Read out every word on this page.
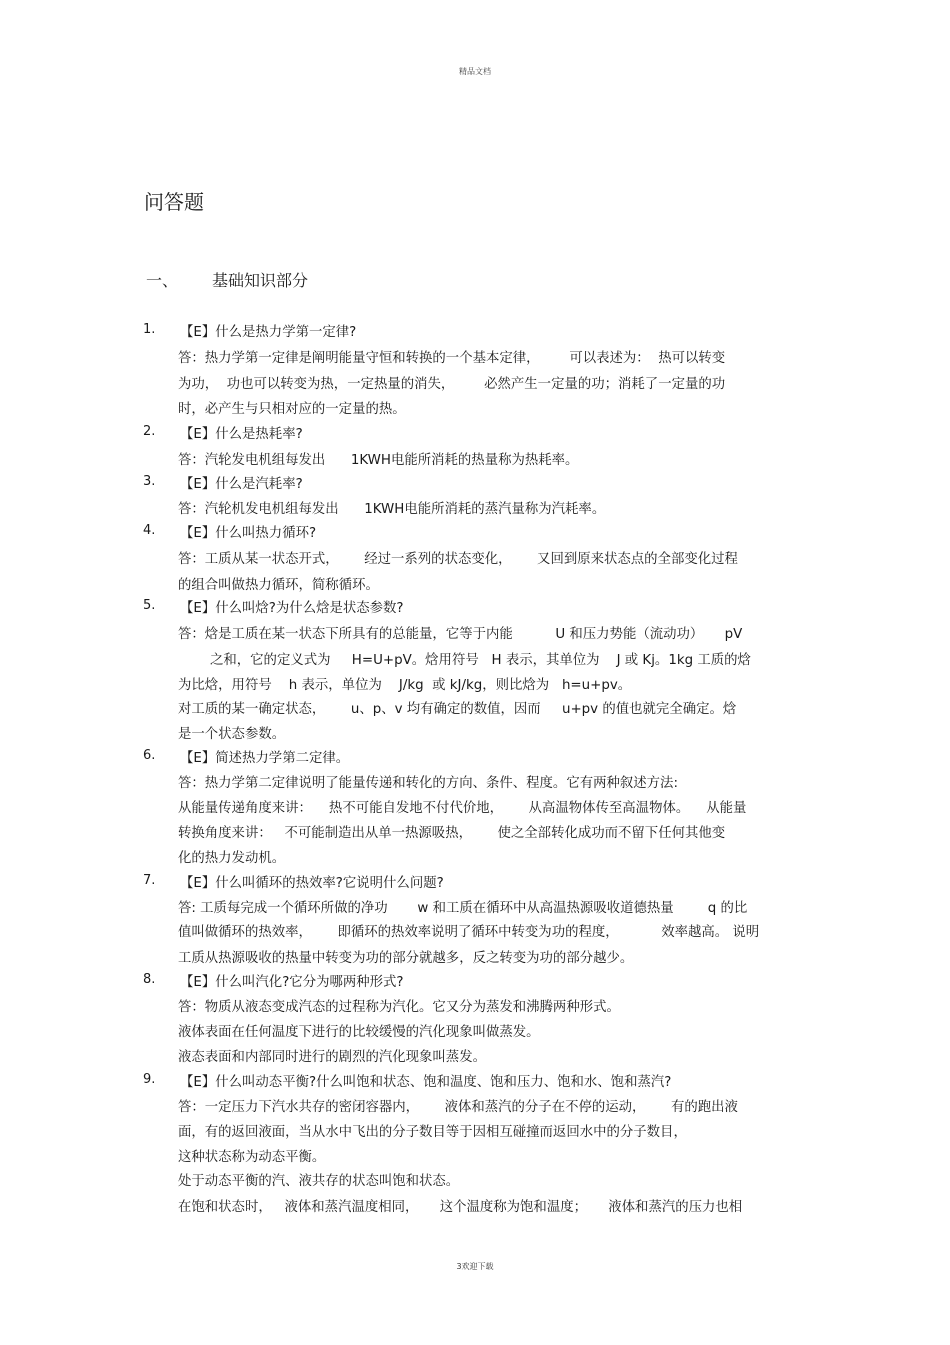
精品文档
问答题
一、 基础知识部分
1. 【E】什么是热力学第一定律?
答：热力学第一定律是阐明能量守恒和转换的一个基本定律，       可以表述为：  热可以转变
为功，  功也可以转变为热，一定热量的消失，       必然产生一定量的功；消耗了一定量的功
时，必产生与只相对应的一定量的热。
2. 【E】什么是热耗率?
答：汽轮发电机组每发出      1KWH电能所消耗的热量称为热耗率。
3. 【E】什么是汽耗率?
答：汽轮机发电机组每发出      1KWH电能所消耗的蒸汽量称为汽耗率。
4. 【E】什么叫热力循环?
答：工质从某一状态开式，      经过一系列的状态变化，      又回到原来状态点的全部变化过程
的组合叫做热力循环，简称循环。
5. 【E】什么叫焓?为什么焓是状态参数?
答：焓是工质在某一状态下所具有的总能量，它等于内能          U 和压力势能（流动功）     pV
之和，它的定义式为     H=U+pV。焓用符号   H 表示，其单位为    J 或 Kj。1kg 工质的焓
为比焓，用符号    h 表示，单位为    J/kg  或 kJ/kg，则比焓为   h=u+pv。
对工质的某一确定状态，      u、p、v 均有确定的数值，因而     u+pv 的值也就完全确定。焓
是一个状态参数。
6. 【E】简述热力学第二定律。
答：热力学第二定律说明了能量传递和转化的方向、条件、程度。它有两种叙述方法:
从能量传递角度来讲：    热不可能自发地不付代价地，      从高温物体传至高温物体。    从能量
转换角度来讲：   不可能制造出从单一热源吸热，      使之全部转化成功而不留下任何其他变
化的热力发动机。
7. 【E】什么叫循环的热效率?它说明什么问题?
答: 工质每完成一个循环所做的净功       w 和工质在循环中从高温热源吸收道德热量        q 的比
值叫做循环的热效率，      即循环的热效率说明了循环中转变为功的程度，          效率越高。 说明
工质从热源吸收的热量中转变为功的部分就越多，反之转变为功的部分越少。
8. 【E】什么叫汽化?它分为哪两种形式?
答：物质从液态变成汽态的过程称为汽化。它又分为蒸发和沸腾两种形式。
液体表面在任何温度下进行的比较缓慢的汽化现象叫做蒸发。
液态表面和内部同时进行的剧烈的汽化现象叫蒸发。
9. 【E】什么叫动态平衡?什么叫饱和状态、饱和温度、饱和压力、饱和水、饱和蒸汽?
答：一定压力下汽水共存的密闭容器内，      液体和蒸汽的分子在不停的运动，      有的跑出液
面，有的返回液面，当从水中飞出的分子数目等于因相互碰撞而返回水中的分子数目，
这种状态称为动态平衡。
处于动态平衡的汽、液共存的状态叫饱和状态。
在饱和状态时，   液体和蒸汽温度相同，     这个温度称为饱和温度；     液体和蒸汽的压力也相
3欢迎下载
